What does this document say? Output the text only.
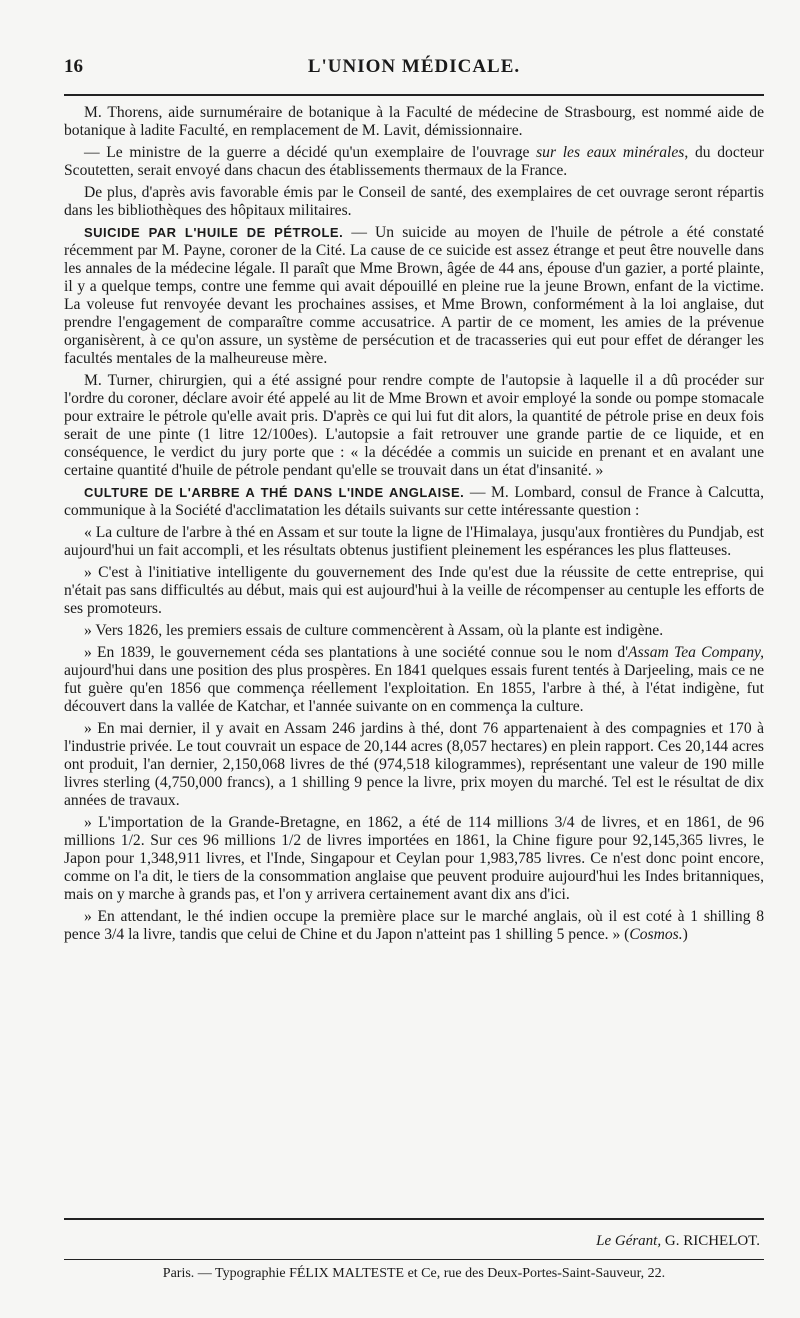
16	L'UNION MÉDICALE.

M. Thorens, aide surnuméraire de botanique à la Faculté de médecine de Strasbourg, est nommé aide de botanique à ladite Faculté, en remplacement de M. Lavit, démissionnaire.

— Le ministre de la guerre a décidé qu'un exemplaire de l'ouvrage sur les eaux minérales, du docteur Scoutetten, serait envoyé dans chacun des établissements thermaux de la France.

De plus, d'après avis favorable émis par le Conseil de santé, des exemplaires de cet ouvrage seront répartis dans les bibliothèques des hôpitaux militaires.

SUICIDE PAR L'HUILE DE PÉTROLE. — Un suicide au moyen de l'huile de pétrole a été constaté récemment par M. Payne, coroner de la Cité. La cause de ce suicide est assez étrange et peut être nouvelle dans les annales de la médecine légale. Il paraît que Mme Brown, âgée de 44 ans, épouse d'un gazier, a porté plainte, il y a quelque temps, contre une femme qui avait dépouillé en pleine rue la jeune Brown, enfant de la victime. La voleuse fut renvoyée devant les prochaines assises, et Mme Brown, conformément à la loi anglaise, dut prendre l'engagement de comparaître comme accusatrice. A partir de ce moment, les amies de la prévenue organisèrent, à ce qu'on assure, un système de persécution et de tracasseries qui eut pour effet de déranger les facultés mentales de la malheureuse mère.

M. Turner, chirurgien, qui a été assigné pour rendre compte de l'autopsie à laquelle il a dû procéder sur l'ordre du coroner, déclare avoir été appelé au lit de Mme Brown et avoir employé la sonde ou pompe stomacale pour extraire le pétrole qu'elle avait pris. D'après ce qui lui fut dit alors, la quantité de pétrole prise en deux fois serait de une pinte (1 litre 12/100es). L'autopsie a fait retrouver une grande partie de ce liquide, et en conséquence, le verdict du jury porte que : « la décédée a commis un suicide en prenant et en avalant une certaine quantité d'huile de pétrole pendant qu'elle se trouvait dans un état d'insanité. »

CULTURE DE L'ARBRE A THÉ DANS L'INDE ANGLAISE. — M. Lombard, consul de France à Calcutta, communique à la Société d'acclimatation les détails suivants sur cette intéressante question :

« La culture de l'arbre à thé en Assam et sur toute la ligne de l'Himalaya, jusqu'aux frontières du Pundjab, est aujourd'hui un fait accompli, et les résultats obtenus justifient pleinement les espérances les plus flatteuses.

» C'est à l'initiative intelligente du gouvernement des Inde qu'est due la réussite de cette entreprise, qui n'était pas sans difficultés au début, mais qui est aujourd'hui à la veille de récompenser au centuple les efforts de ses promoteurs.

» Vers 1826, les premiers essais de culture commencèrent à Assam, où la plante est indigène.

» En 1839, le gouvernement céda ses plantations à une société connue sou le nom d'Assam Tea Company, aujourd'hui dans une position des plus prospères. En 1841 quelques essais furent tentés à Darjeeling, mais ce ne fut guère qu'en 1856 que commença réellement l'exploitation. En 1855, l'arbre à thé, à l'état indigène, fut découvert dans la vallée de Katchar, et l'année suivante on en commença la culture.

» En mai dernier, il y avait en Assam 246 jardins à thé, dont 76 appartenaient à des compagnies et 170 à l'industrie privée. Le tout couvrait un espace de 20,144 acres (8,057 hectares) en plein rapport. Ces 20,144 acres ont produit, l'an dernier, 2,150,068 livres de thé (974,518 kilogrammes), représentant une valeur de 190 mille livres sterling (4,750,000 francs), a 1 shilling 9 pence la livre, prix moyen du marché. Tel est le résultat de dix années de travaux.

» L'importation de la Grande-Bretagne, en 1862, a été de 114 millions 3/4 de livres, et en 1861, de 96 millions 1/2. Sur ces 96 millions 1/2 de livres importées en 1861, la Chine figure pour 92,145,365 livres, le Japon pour 1,348,911 livres, et l'Inde, Singapour et Ceylan pour 1,983,785 livres. Ce n'est donc point encore, comme on l'a dit, le tiers de la consommation anglaise que peuvent produire aujourd'hui les Indes britanniques, mais on y marche à grands pas, et l'on y arrivera certainement avant dix ans d'ici.

» En attendant, le thé indien occupe la première place sur le marché anglais, où il est coté à 1 shilling 8 pence 3/4 la livre, tandis que celui de Chine et du Japon n'atteint pas 1 shilling 5 pence. » (Cosmos.)

Le Gérant, G. RICHELOT.
Paris. — Typographie FÉLIX MALTESTE et Ce, rue des Deux-Portes-Saint-Sauveur, 22.
